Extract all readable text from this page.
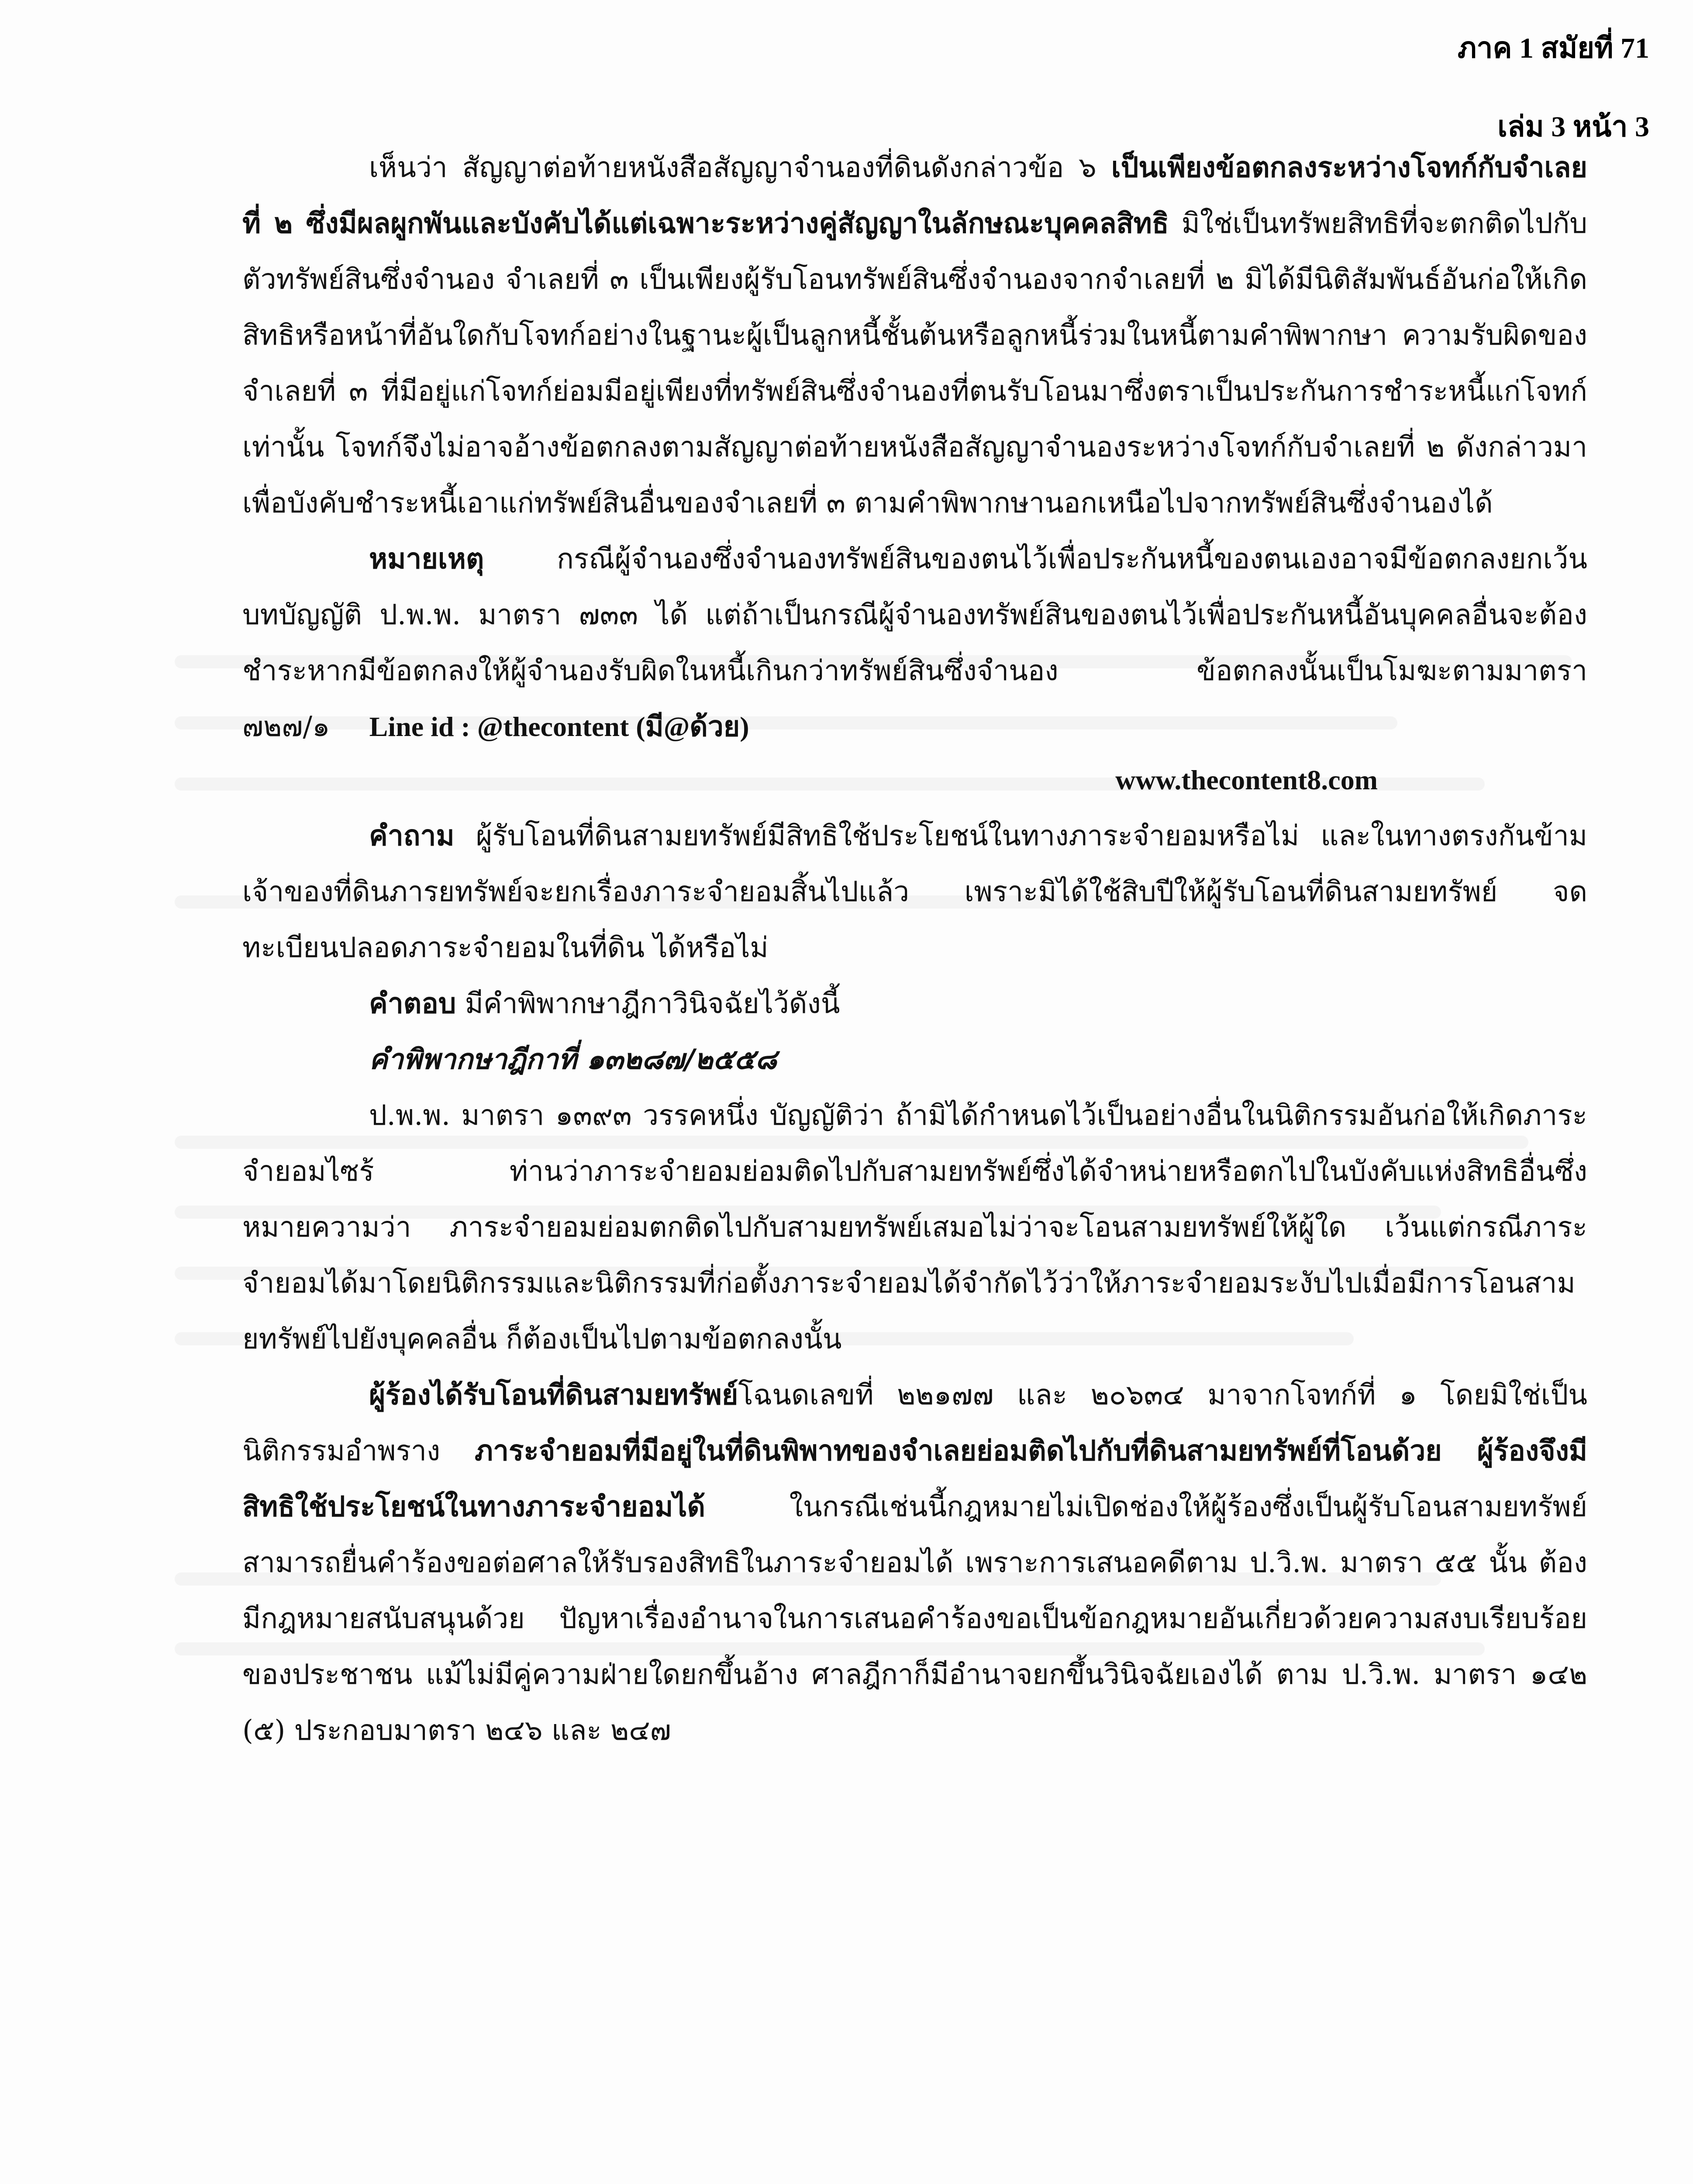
ภาค 1 สมัยที่ 71
เล่ม 3 หน้า 3

เห็นว่า สัญญาต่อท้ายหนังสือสัญญาจำนองที่ดินดังกล่าวข้อ ๖ เป็นเพียงข้อตกลงระหว่างโจทก์กับจำเลยที่ ๒ ซึ่งมีผลผูกพันและบังคับได้แต่เฉพาะระหว่างคู่สัญญาในลักษณะบุคคลสิทธิ มิใช่เป็นทรัพยสิทธิที่จะตกติดไปกับตัวทรัพย์สินซึ่งจำนอง จำเลยที่ ๓ เป็นเพียงผู้รับโอนทรัพย์สินซึ่งจำนองจากจำเลยที่ ๒ มิได้มีนิติสัมพันธ์อันก่อให้เกิดสิทธิหรือหน้าที่อันใดกับโจทก์อย่างในฐานะผู้เป็นลูกหนี้ชั้นต้นหรือลูกหนี้ร่วมในหนี้ตามคำพิพากษา ความรับผิดของจำเลยที่ ๓ ที่มีอยู่แก่โจทก์ย่อมมีอยู่เพียงที่ทรัพย์สินซึ่งจำนองที่ตนรับโอนมาซึ่งตราเป็นประกันการชำระหนี้แก่โจทก์เท่านั้น โจทก์จึงไม่อาจอ้างข้อตกลงตามสัญญาต่อท้ายหนังสือสัญญาจำนองระหว่างโจทก์กับจำเลยที่ ๒ ดังกล่าวมาเพื่อบังคับชำระหนี้เอาแก่ทรัพย์สินอื่นของจำเลยที่ ๓ ตามคำพิพากษานอกเหนือไปจากทรัพย์สินซึ่งจำนองได้

หมายเหตุ กรณีผู้จำนองซึ่งจำนองทรัพย์สินของตนไว้เพื่อประกันหนี้ของตนเองอาจมีข้อตกลงยกเว้นบทบัญญัติ ป.พ.พ. มาตรา ๗๓๓ ได้ แต่ถ้าเป็นกรณีผู้จำนองทรัพย์สินของตนไว้เพื่อประกันหนี้อันบุคคลอื่นจะต้องชำระหากมีข้อตกลงให้ผู้จำนองรับผิดในหนี้เกินกว่าทรัพย์สินซึ่งจำนอง ข้อตกลงนั้นเป็นโมฆะตามมาตรา ๗๒๗/๑ Line id : @thecontent (มี@ด้วย)

www.thecontent8.com

คำถาม ผู้รับโอนที่ดินสามยทรัพย์มีสิทธิใช้ประโยชน์ในทางภาระจำยอมหรือไม่ และในทางตรงกันข้าม เจ้าของที่ดินภารยทรัพย์จะยกเรื่องภาระจำยอมสิ้นไปแล้ว เพราะมิได้ใช้สิบปีให้ผู้รับโอนที่ดินสามยทรัพย์ จดทะเบียนปลอดภาระจำยอมในที่ดิน ได้หรือไม่

คำตอบ มีคำพิพากษาฎีกาวินิจฉัยไว้ดังนี้

คำพิพากษาฎีกาที่ ๑๓๒๘๗/๒๕๕๘

ป.พ.พ. มาตรา ๑๓๙๓ วรรคหนึ่ง บัญญัติว่า ถ้ามิได้กำหนดไว้เป็นอย่างอื่นในนิติกรรมอันก่อให้เกิดภาระจำยอมไซร้ ท่านว่าภาระจำยอมย่อมติดไปกับสามยทรัพย์ซึ่งได้จำหน่ายหรือตกไปในบังคับแห่งสิทธิอื่นซึ่งหมายความว่า ภาระจำยอมย่อมตกติดไปกับสามยทรัพย์เสมอไม่ว่าจะโอนสามยทรัพย์ให้ผู้ใด เว้นแต่กรณีภาระจำยอมได้มาโดยนิติกรรมและนิติกรรมที่ก่อตั้งภาระจำยอมได้จำกัดไว้ว่าให้ภาระจำยอมระงับไปเมื่อมีการโอนสามยทรัพย์ไปยังบุคคลอื่น ก็ต้องเป็นไปตามข้อตกลงนั้น

ผู้ร้องได้รับโอนที่ดินสามยทรัพย์โฉนดเลขที่ ๒๒๑๗๗ และ ๒๐๖๓๔ มาจากโจทก์ที่ ๑ โดยมิใช่เป็นนิติกรรมอำพราง ภาระจำยอมที่มีอยู่ในที่ดินพิพาทของจำเลยย่อมติดไปกับที่ดินสามยทรัพย์ที่โอนด้วย ผู้ร้องจึงมีสิทธิใช้ประโยชน์ในทางภาระจำยอมได้ ในกรณีเช่นนี้กฎหมายไม่เปิดช่องให้ผู้ร้องซึ่งเป็นผู้รับโอนสามยทรัพย์ สามารถยื่นคำร้องขอต่อศาลให้รับรองสิทธิในภาระจำยอมได้ เพราะการเสนอคดีตาม ป.วิ.พ. มาตรา ๕๕ นั้น ต้องมีกฎหมายสนับสนุนด้วย ปัญหาเรื่องอำนาจในการเสนอคำร้องขอเป็นข้อกฎหมายอันเกี่ยวด้วยความสงบเรียบร้อยของประชาชน แม้ไม่มีคู่ความฝ่ายใดยกขึ้นอ้าง ศาลฎีกาก็มีอำนาจยกขึ้นวินิจฉัยเองได้ ตาม ป.วิ.พ. มาตรา ๑๔๒ (๕) ประกอบมาตรา ๒๔๖ และ ๒๔๗
